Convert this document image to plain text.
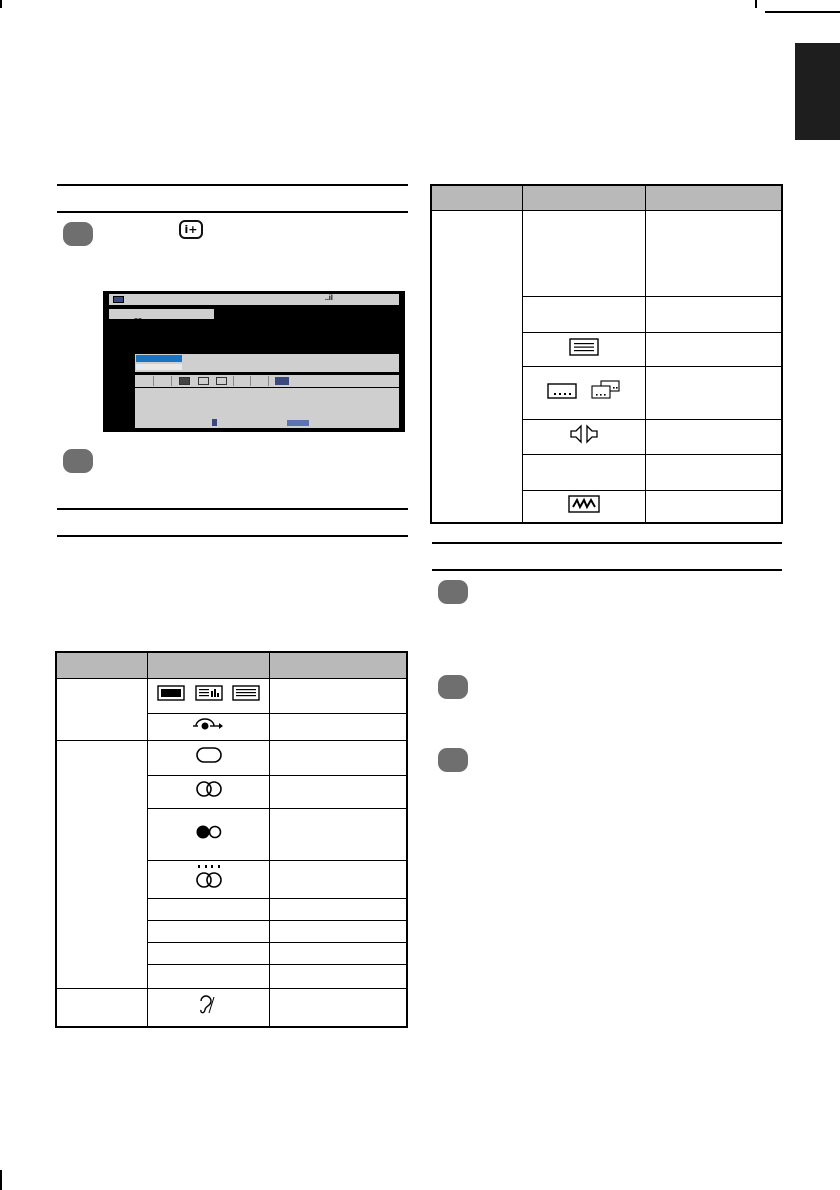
i+
..il
